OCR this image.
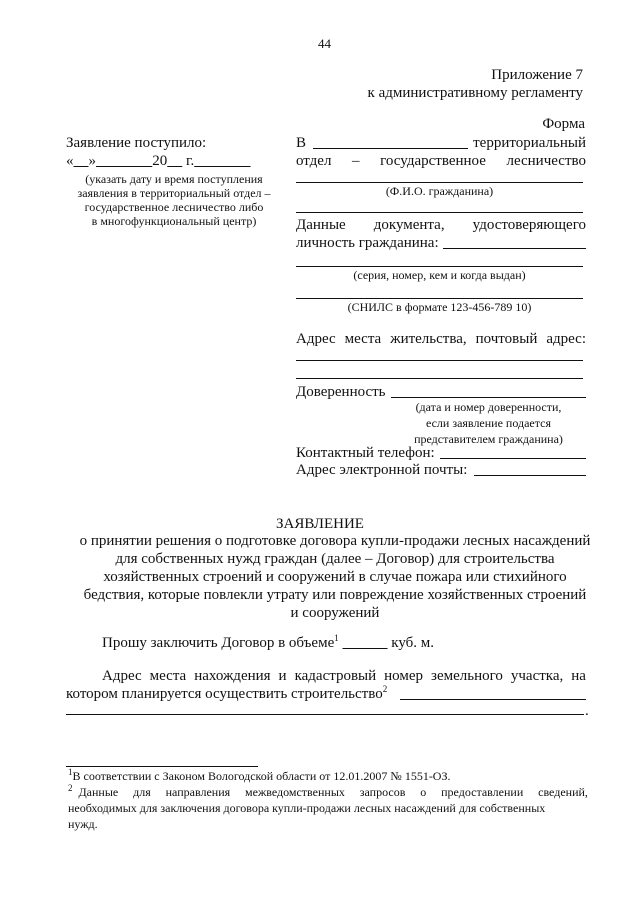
44
Приложение 7
к административному регламенту
Форма
Заявление поступило:
« »	20 г.
(указать дату и время поступления
заявления в территориальный отдел –
государственное лесничество либо
в многофункциональный центр)
В	территориальный
отдел – государственное лесничество
(Ф.И.О. гражданина)
Данные документа, удостоверяющего
личность гражданина:
(серия, номер, кем и когда выдан)
(СНИЛС в формате 123-456-789 10)
Адрес места жительства, почтовый адрес:
Доверенность
(дата и номер доверенности,
если заявление подается
представителем гражданина)
Контактный телефон:
Адрес электронной почты:
ЗАЯВЛЕНИЕ
о принятии решения о подготовке договора купли-продажи лесных насаждений
для собственных нужд граждан (далее – Договор) для строительства
хозяйственных строений и сооружений в случае пожара или стихийного
бедствия, которые повлекли утрату или повреждение хозяйственных строений
и сооружений
Прошу заключить Договор в объеме$^1$	куб. м.
Адрес места нахождения и кадастровый номер земельного участка, на
котором планируется осуществить строительство$^2$
.
$^1$В соответствии с Законом Вологодской области от 12.01.2007 № 1551-ОЗ.
$^2$ Данные для направления межведомственных запросов о предоставлении сведений,
необходимых для заключения договора купли-продажи лесных насаждений для собственных
нужд.
